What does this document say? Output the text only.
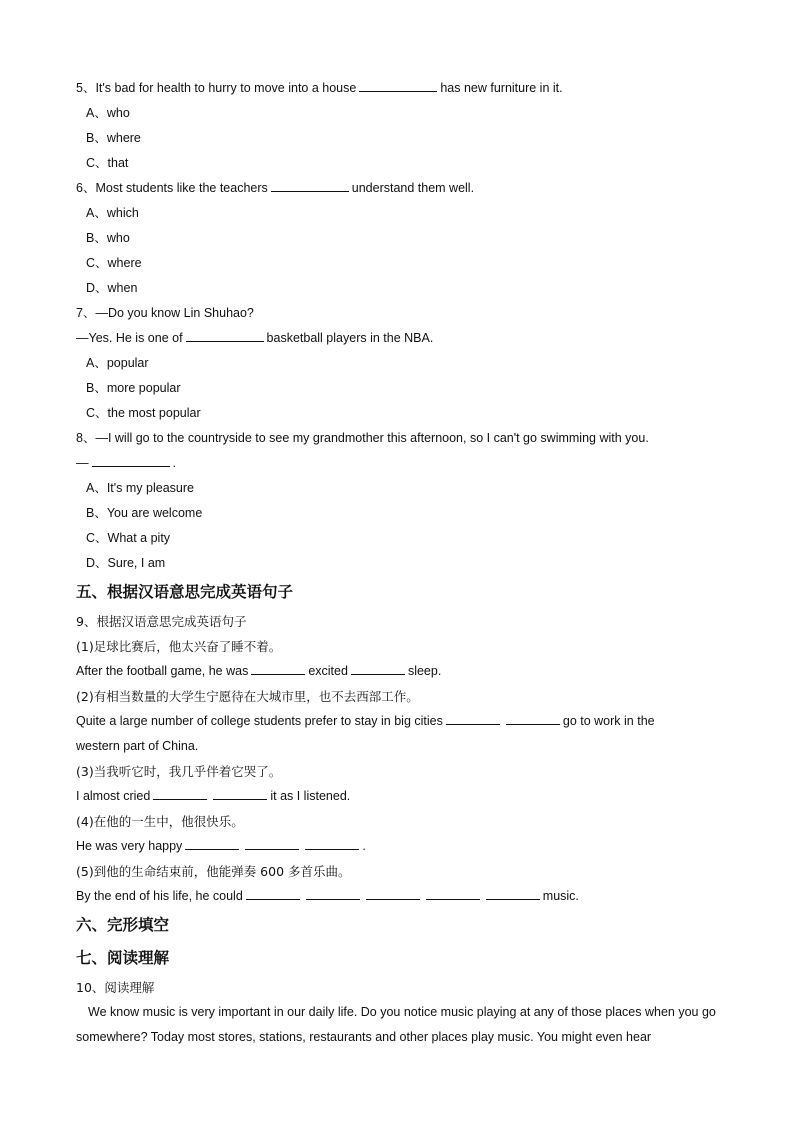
5、It's bad for health to hurry to move into a house	has new furniture in it.
A、who
B、where
C、that
6、Most students like the teachers	understand them well.
A、which
B、who
C、where
D、when
7、—Do you know Lin Shuhao?
—Yes. He is one of	basketball players in the NBA.
A、popular
B、more popular
C、the most popular
8、—I will go to the countryside to see my grandmother this afternoon, so I can't go swimming with you.
—	.
A、It's my pleasure
B、You are welcome
C、What a pity
D、Sure, I am
五、根据汉语意思完成英语句子
9、根据汉语意思完成英语句子
(1)足球比赛后，他太兴奋了睡不着。
After the football game, he was	excited	sleep.
(2)有相当数量的大学生宁愿待在大城市里，也不去西部工作。
Quite a large number of college students prefer to stay in big cities	go to work in the
western part of China.
(3)当我听它时，我几乎伴着它哭了。
I almost cried	it as I listened.
(4)在他的一生中，他很快乐。
He was very happy	.
(5)到他的生命结束前，他能弹奏 600 多首乐曲。
By the end of his life, he could	music.
六、完形填空
七、阅读理解
10、阅读理解
We know music is very important in our daily life. Do you notice music playing at any of those places when you go somewhere? Today most stores, stations, restaurants and other places play music. You might even hear
